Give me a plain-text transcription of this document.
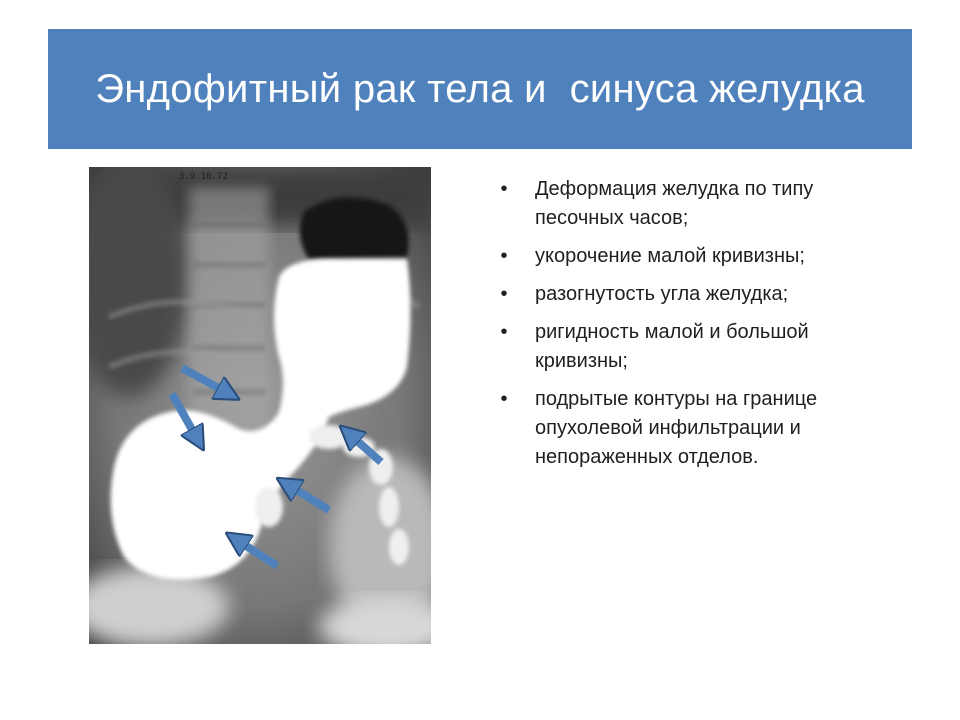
Эндофитный рак тела и  синуса желудка
3.9.10.72
• Деформация желудка по типу песочных часов;
• укорочение малой кривизны;
• разогнутость угла желудка;
• ригидность малой и большой кривизны;
• подрытые контуры на границе опухолевой инфильтрации и непораженных отделов.
